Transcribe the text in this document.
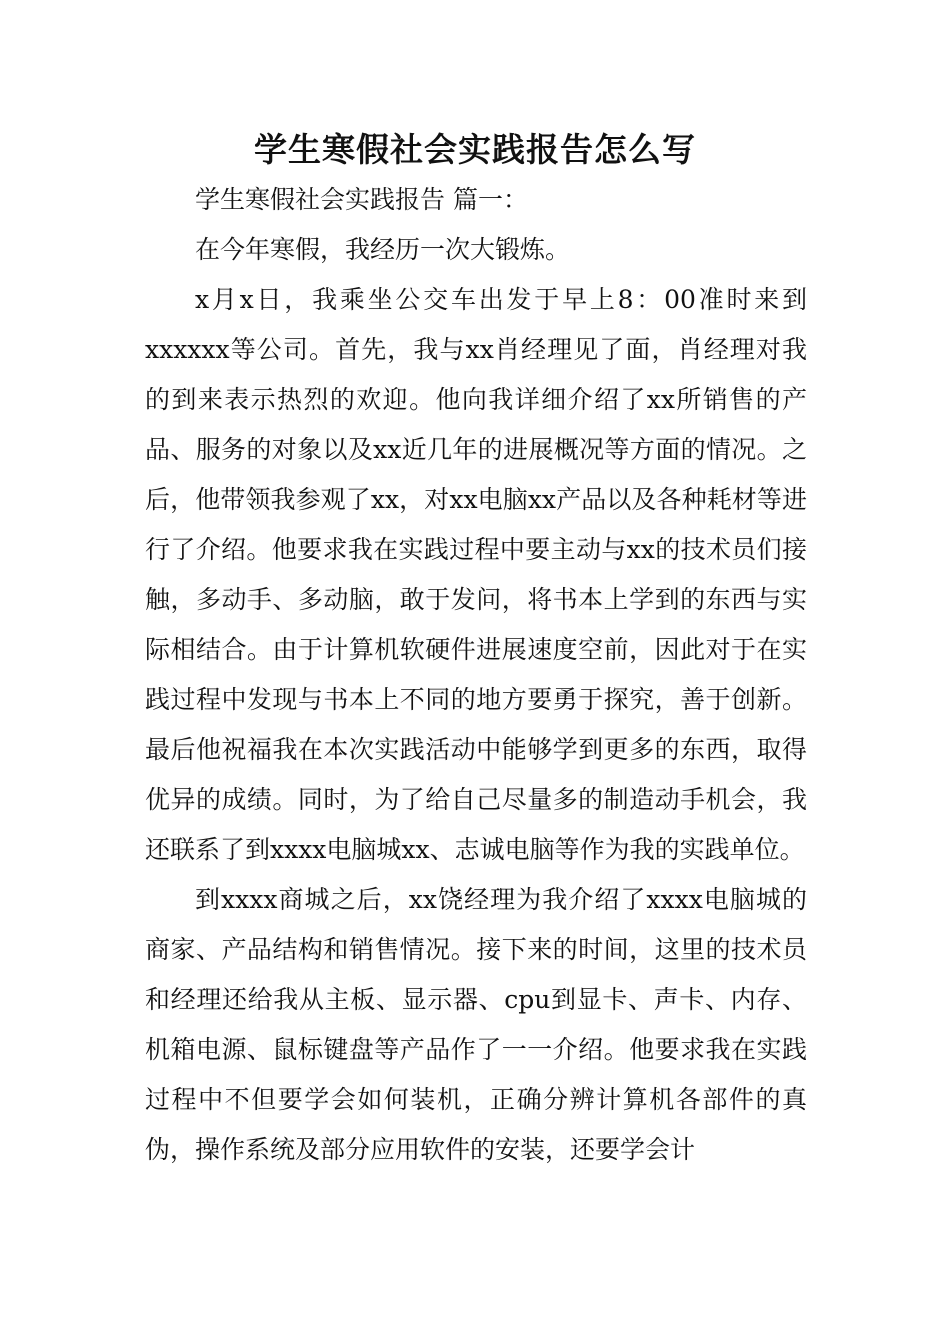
学生寒假社会实践报告怎么写

学生寒假社会实践报告 篇一：

在今年寒假，我经历一次大锻炼。

x月x日，我乘坐公交车出发于早上8：00准时来到xxxxxx等公司。首先，我与xx肖经理见了面，肖经理对我的到来表示热烈的欢迎。他向我详细介绍了xx所销售的产品、服务的对象以及xx近几年的进展概况等方面的情况。之后，他带领我参观了xx，对xx电脑xx产品以及各种耗材等进行了介绍。他要求我在实践过程中要主动与xx的技术员们接触，多动手、多动脑，敢于发问，将书本上学到的东西与实际相结合。由于计算机软硬件进展速度空前，因此对于在实践过程中发现与书本上不同的地方要勇于探究，善于创新。最后他祝福我在本次实践活动中能够学到更多的东西，取得优异的成绩。同时，为了给自己尽量多的制造动手机会，我还联系了到xxxx电脑城xx、志诚电脑等作为我的实践单位。

到xxxx商城之后，xx饶经理为我介绍了xxxx电脑城的商家、产品结构和销售情况。接下来的时间，这里的技术员和经理还给我从主板、显示器、cpu到显卡、声卡、内存、机箱电源、鼠标键盘等产品作了一一介绍。他要求我在实践过程中不但要学会如何装机，正确分辨计算机各部件的真伪，操作系统及部分应用软件的安装，还要学会计
